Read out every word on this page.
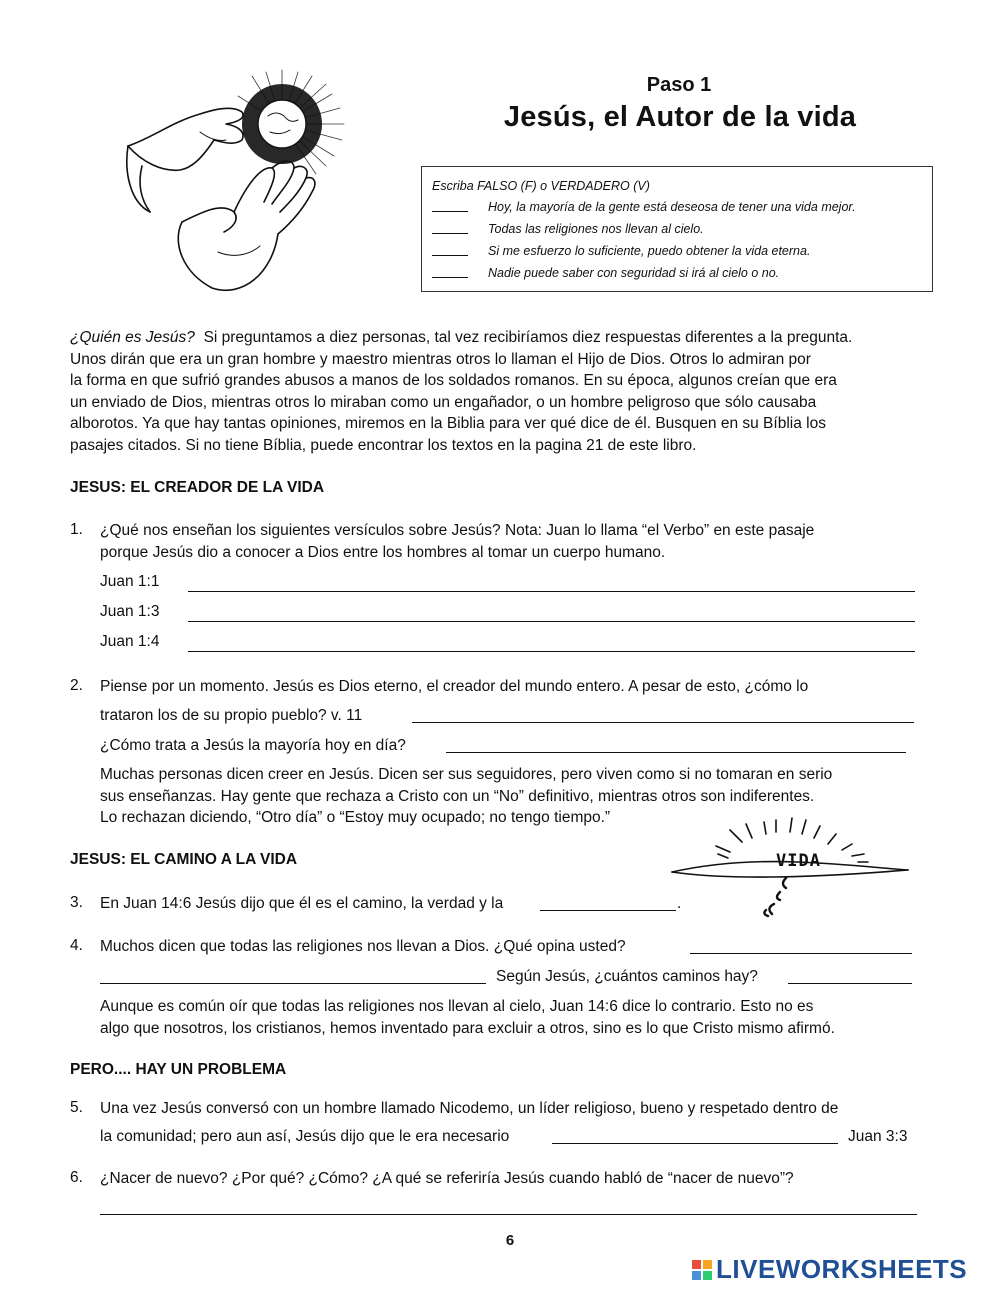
Paso 1
Jesús, el Autor de la vida
Escriba FALSO (F) o VERDADERO (V)
Hoy, la mayoría de la gente está deseosa de tener una vida mejor.
Todas las religiones nos llevan al cielo.
Si me esfuerzo lo suficiente, puedo obtener la vida eterna.
Nadie puede saber con seguridad si irá al cielo o no.
¿Quién es Jesús? Si preguntamos a diez personas, tal vez recibiríamos diez respuestas diferentes a la pregunta.
Unos dirán que era un gran hombre y maestro mientras otros lo llaman el Hijo de Dios. Otros lo admiran por
la forma en que sufrió grandes abusos a manos de los soldados romanos. En su época, algunos creían que era
un enviado de Dios, mientras otros lo miraban como un engañador, o un hombre peligroso que sólo causaba
alborotos. Ya que hay tantas opiniones, miremos en la Biblia para ver qué dice de él. Busquen en su Bíblia los
pasajes citados. Si no tiene Bíblia, puede encontrar los textos en la pagina 21 de este libro.
JESUS: EL CREADOR DE LA VIDA
1.	¿Qué nos enseñan los siguientes versículos sobre Jesús? Nota: Juan lo llama “el Verbo” en este pasaje
porque Jesús dio a conocer a Dios entre los hombres al tomar un cuerpo humano.
Juan 1:1
Juan 1:3
Juan 1:4
2.	Piense por un momento. Jesús es Dios eterno, el creador del mundo entero. A pesar de esto, ¿cómo lo
trataron los de su propio pueblo? v. 11
¿Cómo trata a Jesús la mayoría hoy en día?
Muchas personas dicen creer en Jesús. Dicen ser sus seguidores, pero viven como si no tomaran en serio
sus enseñanzas. Hay gente que rechaza a Cristo con un “No” definitivo, mientras otros son indiferentes.
Lo rechazan diciendo, “Otro día” o “Estoy muy ocupado; no tengo tiempo.”
JESUS: EL CAMINO A LA VIDA	VIDA
3.	En Juan 14:6 Jesús dijo que él es el camino, la verdad y la	.
4.	Muchos dicen que todas las religiones nos llevan a Dios. ¿Qué opina usted?
Según Jesús, ¿cuántos caminos hay?
Aunque es común oír que todas las religiones nos llevan al cielo, Juan 14:6 dice lo contrario. Esto no es
algo que nosotros, los cristianos, hemos inventado para excluir a otros, sino es lo que Cristo mismo afirmó.
PERO.... HAY UN PROBLEMA
5.	Una vez Jesús conversó con un hombre llamado Nicodemo, un líder religioso, bueno y respetado dentro de
la comunidad; pero aun así, Jesús dijo que le era necesario	Juan 3:3
6.	¿Nacer de nuevo? ¿Por qué? ¿Cómo? ¿A qué se referiría Jesús cuando habló de “nacer de nuevo”?
6
LIVEWORKSHEETS
